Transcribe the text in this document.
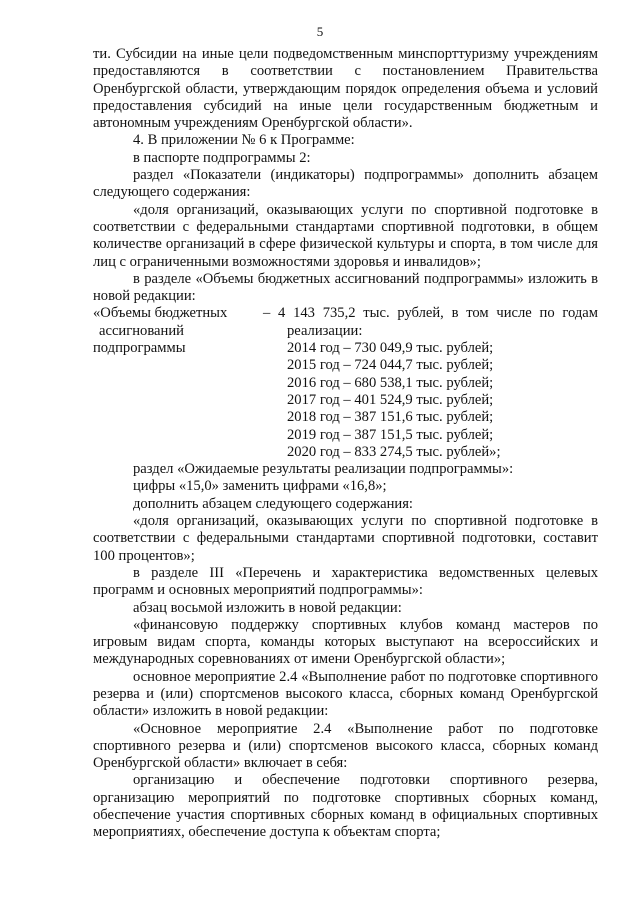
5

ти. Субсидии на иные цели подведомственным минспорттуризму учреждениям предоставляются в соответствии с постановлением Правительства Оренбургской области, утверждающим порядок определения объема и условий предоставления субсидий на иные цели государственным бюджетным и автономным учреждениям Оренбургской области».

4. В приложении № 6 к Программе:

в паспорте подпрограммы 2:

раздел «Показатели (индикаторы) подпрограммы» дополнить абзацем следующего содержания:

«доля организаций, оказывающих услуги по спортивной подготовке в соответствии с федеральными стандартами спортивной подготовки, в общем количестве организаций в сфере физической культуры и спорта, в том числе для лиц с ограниченными возможностями здоровья и инвалидов»;

в разделе «Объемы бюджетных ассигнований подпрограммы» изложить в новой редакции:

«Объемы бюджетных
ассигнований
подпрограммы
– 4 143 735,2 тыс. рублей, в том числе по годам
реализации:
2014 год – 730 049,9 тыс. рублей;
2015 год – 724 044,7 тыс. рублей;
2016 год – 680 538,1 тыс. рублей;
2017 год – 401 524,9 тыс. рублей;
2018 год – 387 151,6 тыс. рублей;
2019 год – 387 151,5 тыс. рублей;
2020 год – 833 274,5 тыс. рублей»;

раздел «Ожидаемые результаты реализации подпрограммы»:

цифры «15,0» заменить цифрами «16,8»;

дополнить абзацем следующего содержания:

«доля организаций, оказывающих услуги по спортивной подготовке в соответствии с федеральными стандартами спортивной подготовки, составит 100 процентов»;

в разделе III «Перечень и характеристика ведомственных целевых программ и основных мероприятий подпрограммы»:

абзац восьмой изложить в новой редакции:

«финансовую поддержку спортивных клубов команд мастеров по игровым видам спорта, команды которых выступают на всероссийских и международных соревнованиях от имени Оренбургской области»;

основное мероприятие 2.4 «Выполнение работ по подготовке спортивного резерва и (или) спортсменов высокого класса, сборных команд Оренбургской области» изложить в новой редакции:

«Основное мероприятие 2.4 «Выполнение работ по подготовке спортивного резерва и (или) спортсменов высокого класса, сборных команд Оренбургской области» включает в себя:

организацию и обеспечение подготовки спортивного резерва, организацию мероприятий по подготовке спортивных сборных команд, обеспечение участия спортивных сборных команд в официальных спортивных мероприятиях, обеспечение доступа к объектам спорта;
